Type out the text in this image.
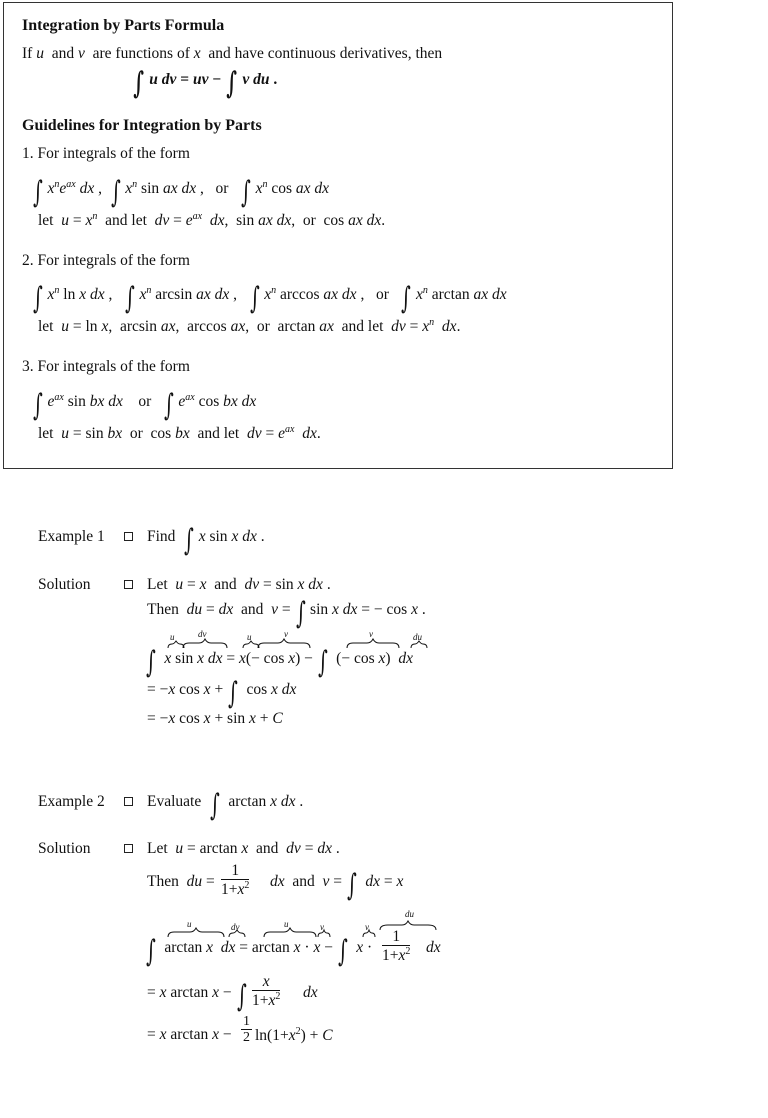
Integration by Parts Formula
If u  and v  are functions of x  and have continuous derivatives, then
∫ u dv = uv − ∫ v du .
Guidelines for Integration by Parts
1. For integrals of the form
∫ $x^ne^{ax}$ dx ,  ∫ $x^n$ sin ax dx ,   or   ∫ $x^n$ cos ax dx
let  $u = x^n$  and let  dv = $e^{ax}$ dx,  sin ax dx,  or  cos ax dx.
2. For integrals of the form
∫ $x^n$ ln x dx ,   ∫ $x^n$ arcsin ax dx ,   ∫ $x^n$ arccos ax dx ,   or   ∫ $x^n$ arctan ax dx
let  u = ln x,  arcsin ax,  arccos ax,  or  arctan ax  and let  dv = $x^n$ dx.
3. For integrals of the form
∫ $e^{ax}$ sin bx dx    or   ∫ $e^{ax}$ cos bx dx
let  u = sin bx  or  cos bx  and let  dv = $e^{ax}$ dx.
Example 1	Find ∫ x sin x dx .
Solution	Let  u = x  and  dv = sin x dx .
Then  du = dx  and  v = ∫ sin x dx = − cos x .
∫ x sin x dx = x(− cos x) − ∫  (− cos x)  dx
u	dv	u	v	v	du
= −x cos x + ∫  cos x dx
= −x cos x + sin x + C
Example 2	Evaluate ∫  arctan x dx .
Solution	Let  u = arctan x  and  dv = dx .
Then  du = $\frac{1}{1+x^2}$ dx  and  v = ∫ dx = x
∫  arctan x dx = arctan x · x − ∫ $x \cdot \frac{1}{1+x^2}$ dx
u	dv	u	v	v
du
= x arctan x − ∫ $\frac{x}{1+x^2}$ dx
= x $\arctan x - \frac{1}{2} \ln(1+x^2) + C$
